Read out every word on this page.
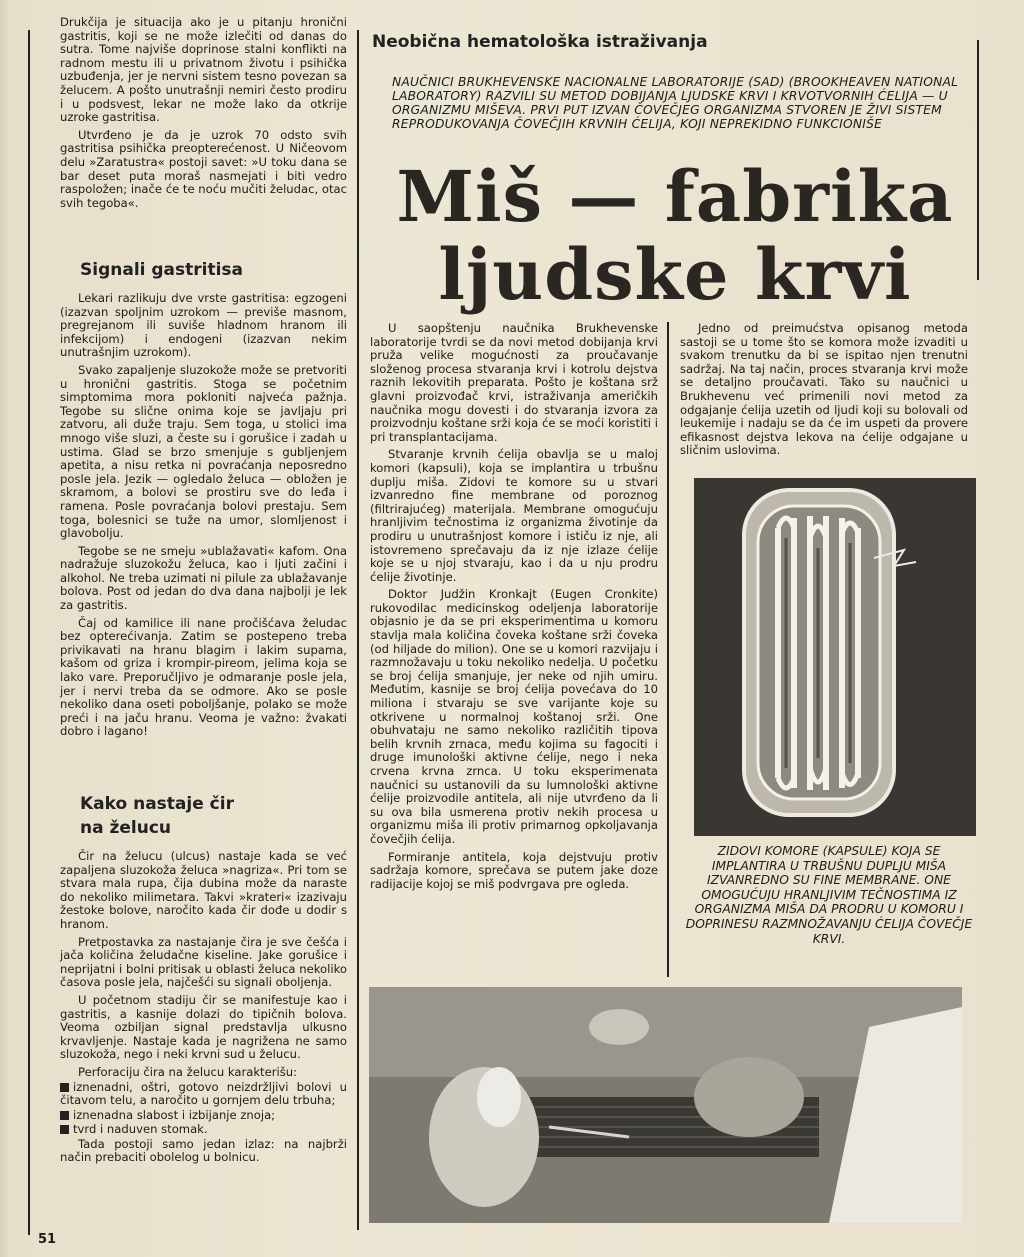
Drukčija je situacija ako je u pitanju hronični gastritis, koji se ne može izlečiti od danas do sutra. Tome najviše doprinose stalni konflikti na radnom mestu ili u privatnom životu i psihička uzbuđenja, jer je nervni sistem tesno povezan sa želucem. A pošto unutrašnji nemiri često prodiru i u podsvest, lekar ne može lako da otkrije uzroke gastritisa.

Utvrđeno je da je uzrok 70 odsto svih gastritisa psihička preopterećenost. U Ničeovom delu »Zaratustra« postoji savet: »U toku dana se bar deset puta moraš nasmejati i biti vedro raspoložen; inače će te noću mučiti želudac, otac svih tegoba«.

Signali gastritisa

Lekari razlikuju dve vrste gastritisa: egzogeni (izazvan spoljnim uzrokom — previše masnom, pregrejanom ili suviše hladnom hranom ili infekcijom) i endogeni (izazvan nekim unutrašnjim uzrokom).

Svako zapaljenje sluzokože može se pretvoriti u hronični gastritis. Stoga se početnim simptomima mora pokloniti najveća pažnja. Tegobe su slične onima koje se javljaju pri zatvoru, ali duže traju. Sem toga, u stolici ima mnogo više sluzi, a česte su i gorušice i zadah u ustima. Glad se brzo smenjuje s gubljenjem apetita, a nisu retka ni povraćanja neposredno posle jela. Jezik — ogledalo želuca — obložen je skramom, a bolovi se prostiru sve do leđa i ramena. Posle povraćanja bolovi prestaju. Sem toga, bolesnici se tuže na umor, slomljenost i glavobolju.

Tegobe se ne smeju »ublažavati« kafom. Ona nadražuje sluzokožu želuca, kao i ljuti začini i alkohol. Ne treba uzimati ni pilule za ublažavanje bolova. Post od jedan do dva dana najbolji je lek za gastritis.

Čaj od kamilice ili nane pročišćava želudac bez opterećivanja. Zatim se postepeno treba privikavati na hranu blagim i lakim supama, kašom od griza i krompir-pireom, jelima koja se lako vare. Preporučljivo je odmaranje posle jela, jer i nervi treba da se odmore. Ako se posle nekoliko dana oseti poboljšanje, polako se može preći i na jaču hranu. Veoma je važno: žvakati dobro i lagano!

Kako nastaje čir
na želucu

Čir na želucu (ulcus) nastaje kada se već zapaljena sluzokoža želuca »nagriza«. Pri tom se stvara mala rupa, čija dubina može da naraste do nekoliko milimetara. Takvi »krateri« izazivaju žestoke bolove, naročito kada čir dođe u dodir s hranom.

Pretpostavka za nastajanje čira je sve češća i jača količina želudačne kiseline. Jake gorušice i neprijatni i bolni pritisak u oblasti želuca nekoliko časova posle jela, najčešći su signali oboljenja.

U početnom stadiju čir se manifestuje kao i gastritis, a kasnije dolazi do tipičnih bolova. Veoma ozbiljan signal predstavlja ulkusno krvavljenje. Nastaje kada je nagrižena ne samo sluzokoža, nego i neki krvni sud u želucu.

Perforaciju čira na želucu karakterišu:

iznenadni, oštri, gotovo neizdržljivi bolovi u čitavom telu, a naročito u gornjem delu trbuha;

iznenadna slabost i izbijanje znoja;

tvrd i naduven stomak.

Tada postoji samo jedan izlaz: na najbrži način prebaciti obolelog u bolnicu.

51
Neobična hematološka istraživanja
NAUČNICI BRUKHEVENSKE NACIONALNE LABORATORIJE (SAD) (BROOKHEAVEN NATIONAL LABORATORY) RAZVILI SU METOD DOBIJANJA LJUDSKE KRVI I KRVOTVORNIH ĆELIJA — U ORGANIZMU MIŠEVA. PRVI PUT IZVAN ČOVEČJEG ORGANIZMA STVOREN JE ŽIVI SISTEM REPRODUKOVANJA ČOVEČJIH KRVNIH ĆELIJA, KOJI NEPREKIDNO FUNKCIONIŠE
Miš — fabrika
ljudske krvi

U saopštenju naučnika Brukhevenske laboratorije tvrdi se da novi metod dobijanja krvi pruža velike mogućnosti za proučavanje složenog procesa stvaranja krvi i kotrolu dejstva raznih lekovitih preparata. Pošto je koštana srž glavni proizvođač krvi, istraživanja američkih naučnika mogu dovesti i do stvaranja izvora za proizvodnju koštane srži koja će se moći koristiti i pri transplantacijama.

Stvaranje krvnih ćelija obavlja se u maloj komori (kapsuli), koja se implantira u trbušnu duplju miša. Zidovi te komore su u stvari izvanredno fine membrane od poroznog (filtrirajućeg) materijala. Membrane omogućuju hranljivim tečnostima iz organizma životinje da prodiru u unutrašnjost komore i ističu iz nje, ali istovremeno sprečavaju da iz nje izlaze ćelije koje se u njoj stvaraju, kao i da u nju prodru ćelije životinje.

Doktor Judžin Kronkajt (Eugen Cronkite) rukovodilac medicinskog odeljenja laboratorije objasnio je da se pri eksperimentima u komoru stavlja mala količina čoveka koštane srži čoveka (od hiljade do milion). One se u komori razvijaju i razmnožavaju u toku nekoliko nedelja. U početku se broj ćelija smanjuje, jer neke od njih umiru. Međutim, kasnije se broj ćelija povećava do 10 miliona i stvaraju se sve varijante koje su otkrivene u normalnoj koštanoj srži. One obuhvataju ne samo nekoliko različitih tipova belih krvnih zrnaca, među kojima su fagociti i druge imunološki aktivne ćelije, nego i neka crvena krvna zrnca. U toku eksperimenata naučnici su ustanovili da su lumnološki aktivne ćelije proizvodile antitela, ali nije utvrđeno da li su ova bila usmerena protiv nekih procesa u organizmu miša ili protiv primarnog opkoljavanja čovečjih ćelija.

Formiranje antitela, koja dejstvuju protiv sadržaja komore, sprečava se putem jake doze radijacije kojoj se miš podvrgava pre ogleda.

Jedno od preimućstva opisanog metoda sastoji se u tome što se komora može izvaditi u svakom trenutku da bi se ispitao njen trenutni sadržaj. Na taj način, proces stvaranja krvi može se detaljno proučavati. Tako su naučnici u Brukhevenu već primenili novi metod za odgajanje ćelija uzetih od ljudi koji su bolovali od leukemije i nadaju se da će im uspeti da provere efikasnost dejstva lekova na ćelije odgajane u sličnim uslovima.

ZIDOVI KOMORE (KAPSULE) KOJA SE IMPLANTIRA U TRBUŠNU DUPLJU MIŠA IZVANREDNO SU FINE MEMBRANE. ONE OMOGUĆUJU HRANLJIVIM TEČNOSTIMA IZ ORGANIZMA MIŠA DA PRODRU U KOMORU I DOPRINESU RAZMNOŽAVANJU ĆELIJA ČOVEČJE KRVI.
